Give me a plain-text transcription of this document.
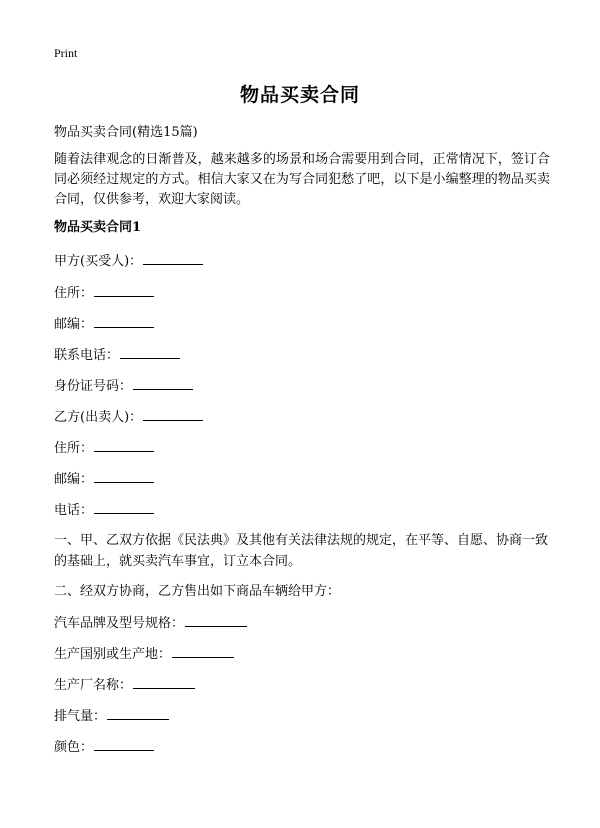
Print
物品买卖合同

物品买卖合同(精选15篇)

随着法律观念的日渐普及，越来越多的场景和场合需要用到合同，正常情况下，签订合同必须经过规定的方式。相信大家又在为写合同犯愁了吧，以下是小编整理的物品买卖合同，仅供参考，欢迎大家阅读。

物品买卖合同1

甲方(买受人)：

住所：

邮编：

联系电话：

身份证号码：

乙方(出卖人)：

住所：

邮编：

电话：

一、甲、乙双方依据《民法典》及其他有关法律法规的规定，在平等、自愿、协商一致的基础上，就买卖汽车事宜，订立本合同。

二、经双方协商，乙方售出如下商品车辆给甲方：

汽车品牌及型号规格：

生产国别或生产地：

生产厂名称：

排气量：

颜色：
